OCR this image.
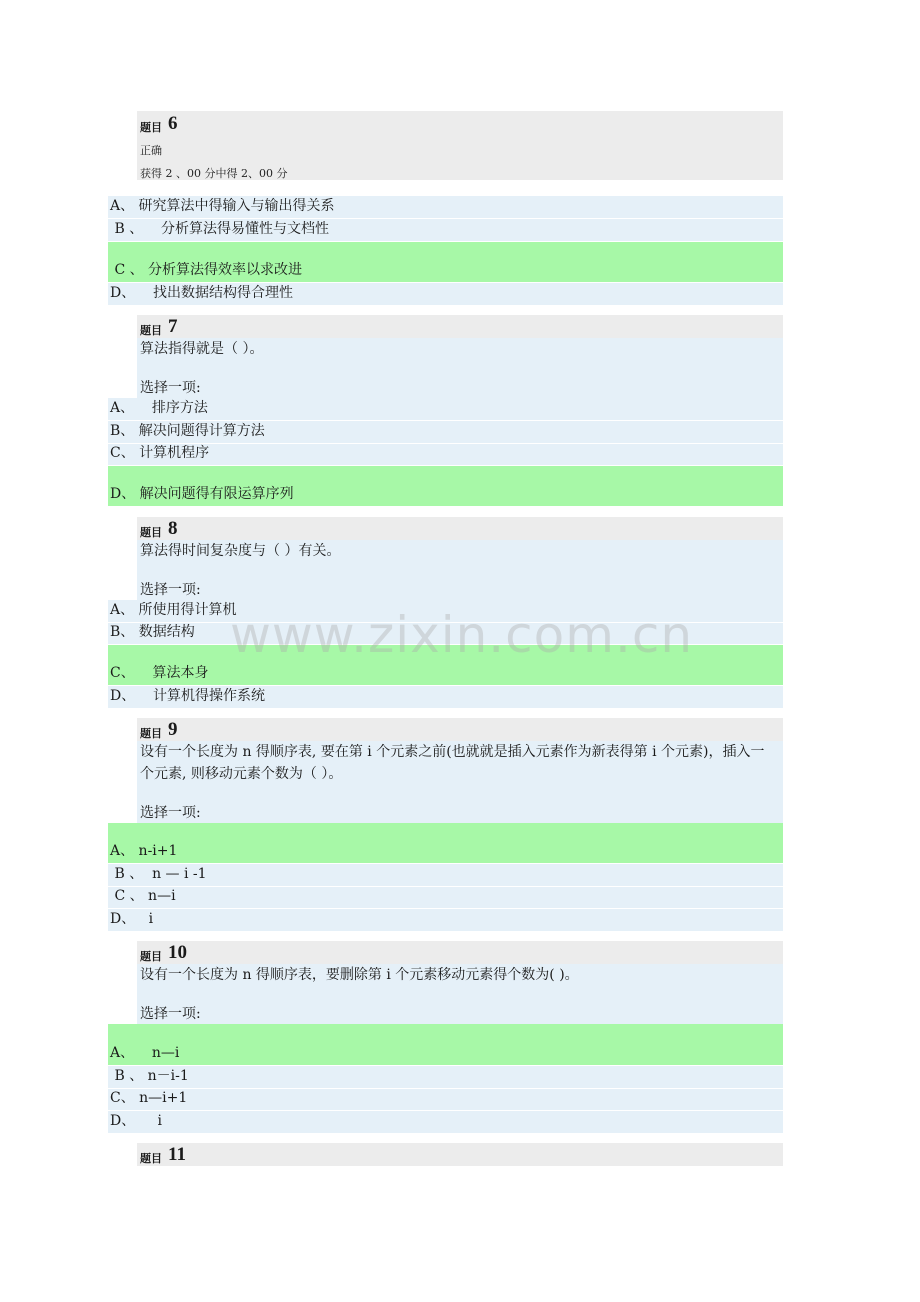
题目 6
正确
获得 2 、00 分中得 2、00 分
A、 研究算法中得输入与输出得关系
B 、    分析算法得易懂性与文档性
C 、 分析算法得效率以求改进
D、    找出数据结构得合理性
题目 7
算法指得就是（ ）。
选择一项:
A、    排序方法
B、 解决问题得计算方法
C、 计算机程序
D、 解决问题得有限运算序列
题目 8
算法得时间复杂度与（ ）有关。
选择一项:
A、 所使用得计算机
B、 数据结构
C、    算法本身
D、    计算机得操作系统
题目 9
设有一个长度为 n 得顺序表, 要在第 i 个元素之前(也就就是插入元素作为新表得第 i 个元素)，插入一个元素, 则移动元素个数为（ ）。
选择一项:
A、 n-i+1
B 、  n — i -1
C 、 n—i
D、   i
题目 10
设有一个长度为 n 得顺序表，要删除第 i 个元素移动元素得个数为( )。
选择一项:
A、    n—i
B 、 n－i-1
C、 n—i+1
D、     i
题目 11
www.zixin.com.cn
